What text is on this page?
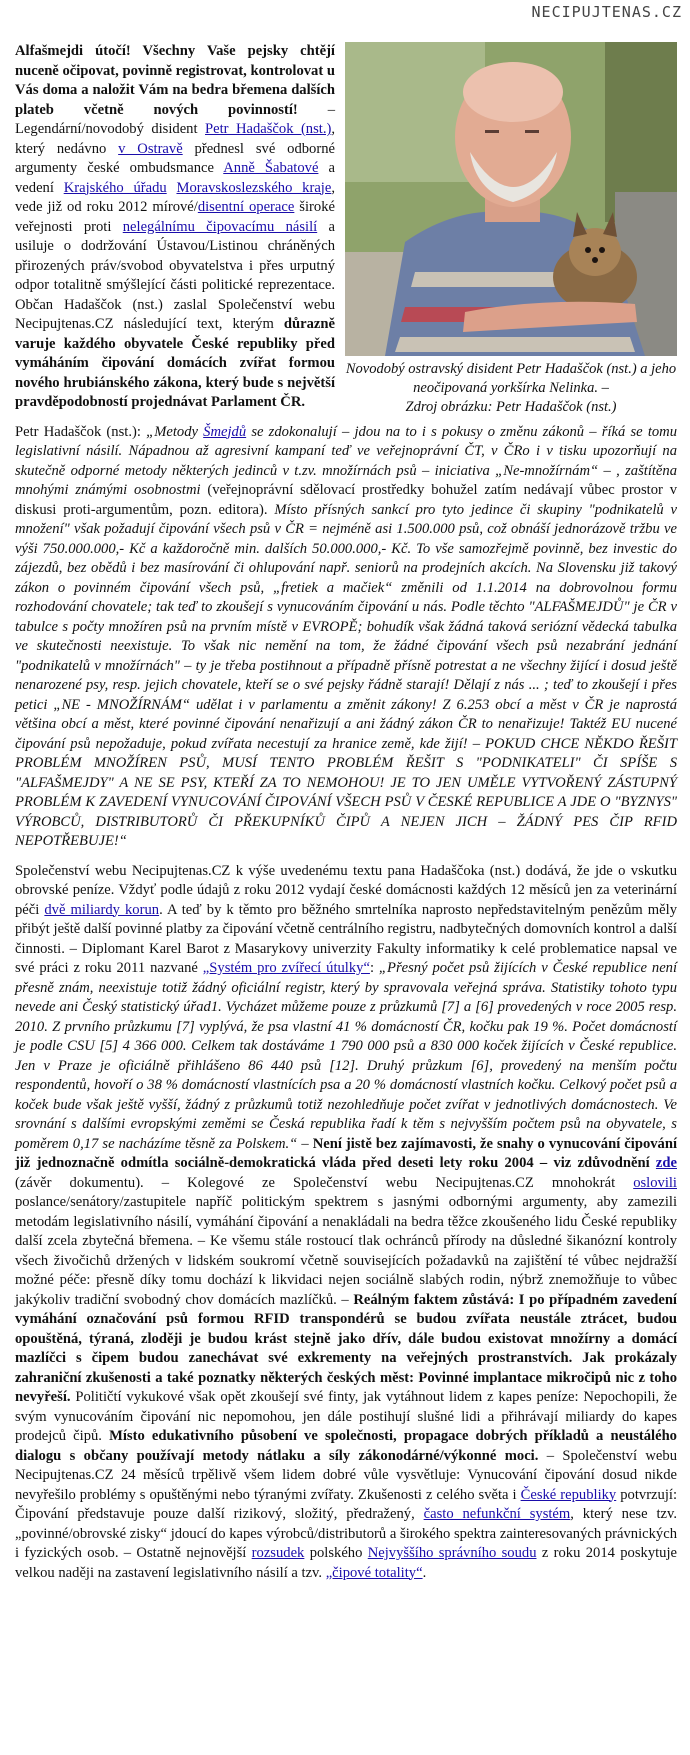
NECIPUJTENAS.CZ
Novodobý ostravský disident Petr Hadaščok (nst.) a jeho neočipovaná yorkšírka Nelinka. –
Zdroj obrázku: Petr Hadaščok (nst.)

Alfašmejdi útočí! Všechny Vaše pejsky chtějí nuceně očipovat, povinně registrovat, kontrolovat u Vás doma a naložit Vám na bedra břemena dalších plateb včetně nových povinností! – Legendární/novodobý disident Petr Hadaščok (nst.), který nedávno v Ostravě přednesl své odborné argumenty české ombudsmance Anně Šabatové a vedení Krajského úřadu Moravskoslezského kraje, vede již od roku 2012 mírové/disentní operace široké veřejnosti proti nelegálnímu čipovacímu násilí a usiluje o dodržování Ústavou/Listinou chráněných přirozených práv/svobod obyvatelstva i přes urputný odpor totalitně smýšlející části politické reprezentace. Občan Hadaščok (nst.) zaslal Společenství webu Necipujtenas.CZ následující text, kterým důrazně varuje každého obyvatele České republiky před vymáháním čipování domácích zvířat formou nového hrubiánského zákona, který bude s největší pravděpodobností projednávat Parlament ČR.

Petr Hadaščok (nst.): „Metody Šmejdů se zdokonalují – jdou na to i s pokusy o změnu zákonů – říká se tomu legislativní násilí. Nápadnou až agresivní kampaní teď ve veřejnoprávní ČT, v ČRo i v tisku upozorňují na skutečně odporné metody některých jedinců v t.zv. množírnách psů – iniciativa „Ne-množírnám“ – , zaštítěna mnohými známými osobnostmi (veřejnoprávní sdělovací prostředky bohužel zatím nedávají vůbec prostor v diskusi proti-argumentům, pozn. editora). Místo přísných sankcí pro tyto jedince či skupiny "podnikatelů v množení" však požadují čipování všech psů v ČR = nejméně asi 1.500.000 psů, což obnáší jednorázově tržbu ve výši 750.000.000,- Kč a každoročně min. dalších 50.000.000,- Kč. To vše samozřejmě povinně, bez investic do zájezdů, bez obědů i bez masírování či ohlupování např. seniorů na prodejních akcích. Na Slovensku již takový zákon o povinném čipování všech psů, „fretiek a mačiek“ změnili od 1.1.2014 na dobrovolnou formu rozhodování chovatele; tak teď to zkoušejí s vynucováním čipování u nás. Podle těchto "ALFAŠMEJDŮ" je ČR v tabulce s počty množíren psů na prvním místě v EVROPĚ; bohudík však žádná taková seriózní vědecká tabulka ve skutečnosti neexistuje. To však nic nemění na tom, že žádné čipování všech psů nezabrání jednání "podnikatelů v množírnách" – ty je třeba postihnout a případně přísně potrestat a ne všechny žijící i dosud ještě nenarozené psy, resp. jejich chovatele, kteří se o své pejsky řádně starají! Dělají z nás ... ; teď to zkoušejí i přes petici „NE - MNOŽÍRNÁM“ udělat i v parlamentu a změnit zákony! Z 6.253 obcí a měst v ČR je naprostá většina obcí a měst, které povinné čipování nenařizují a ani žádný zákon ČR to nenařizuje! Taktéž EU nucené čipování psů nepožaduje, pokud zvířata necestují za hranice země, kde žijí! – POKUD CHCE NĚKDO ŘEŠIT PROBLÉM MNOŽÍREN PSŮ, MUSÍ TENTO PROBLÉM ŘEŠIT S "PODNIKATELI" ČI SPÍŠE S "ALFAŠMEJDY" A NE SE PSY, KTEŘÍ ZA TO NEMOHOU! JE TO JEN UMĚLE VYTVOŘENÝ ZÁSTUPNÝ PROBLÉM K ZAVEDENÍ VYNUCOVÁNÍ ČIPOVÁNÍ VŠECH PSŮ V ČESKÉ REPUBLICE A JDE O "BYZNYS" VÝROBCŮ, DISTRIBUTORŮ ČI PŘEKUPNÍKŮ ČIPŮ A NEJEN JICH – ŽÁDNÝ PES ČIP RFID NEPOTŘEBUJE!“

Společenství webu Necipujtenas.CZ k výše uvedenému textu pana Hadaščoka (nst.) dodává, že jde o vskutku obrovské peníze. Vždyť podle údajů z roku 2012 vydají české domácnosti každých 12 měsíců jen za veterinární péči dvě miliardy korun. A teď by k těmto pro běžného smrtelníka naprosto nepředstavitelným penězům měly přibýt ještě další povinné platby za čipování včetně centrálního registru, nadbytečných domovních kontrol a další činnosti. – Diplomant Karel Barot z Masarykovy univerzity Fakulty informatiky k celé problematice napsal ve své práci z roku 2011 nazvané „Systém pro zvířecí útulky“: „Přesný počet psů žijících v České republice není přesně znám, neexistuje totiž žádný oficiální registr, který by spravovala veřejná správa. Statistiky tohoto typu nevede ani Český statistický úřad1. Vycházet můžeme pouze z průzkumů [7] a [6] provedených v roce 2005 resp. 2010. Z prvního průzkumu [7] vyplývá, že psa vlastní 41 % domácností ČR, kočku pak 19 %. Počet domácností je podle CSU [5] 4 366 000. Celkem tak dostáváme 1 790 000 psů a 830 000 koček žijících v České republice. Jen v Praze je oficiálně přihlášeno 86 440 psů [12]. Druhý průzkum [6], provedený na menším počtu respondentů, hovoří o 38 % domácností vlastnících psa a 20 % domácností vlastních kočku. Celkový počet psů a koček bude však ještě vyšší, žádný z průzkumů totiž nezohledňuje počet zvířat v jednotlivých domácnostech. Ve srovnání s dalšími evropskými zeměmi se Česká republika řadí k těm s nejvyšším počtem psů na obyvatele, s poměrem 0,17 se nacházíme těsně za Polskem.“ – Není jistě bez zajímavosti, že snahy o vynucování čipování již jednoznačně odmítla sociálně-demokratická vláda před deseti lety roku 2004 – viz zdůvodnění zde (závěr dokumentu). – Kolegové ze Společenství webu Necipujtenas.CZ mnohokrát oslovili poslance/senátory/zastupitele napříč politickým spektrem s jasnými odbornými argumenty, aby zamezili metodám legislativního násilí, vymáhání čipování a nenakládali na bedra těžce zkoušeného lidu České republiky další zcela zbytečná břemena. – Ke všemu stále rostoucí tlak ochránců přírody na důsledné šikanózní kontroly všech živočichů držených v lidském soukromí včetně souvisejících požadavků na zajištění té vůbec nejdražší možné péče: přesně díky tomu dochází k likvidaci nejen sociálně slabých rodin, nýbrž znemožňuje to vůbec jakýkoliv tradiční svobodný chov domácích mazlíčků. – Reálným faktem zůstává: I po případném zavedení vymáhání označování psů formou RFID transpondérů se budou zvířata neustále ztrácet, budou opouštěná, týraná, zloději je budou krást stejně jako dřív, dále budou existovat množírny a domácí mazlíčci s čipem budou zanechávat své exkrementy na veřejných prostranstvích. Jak prokázaly zahraniční zkušenosti a také poznatky některých českých měst: Povinné implantace mikročipů nic z toho nevyřeší. Političtí vykukové však opět zkoušejí své finty, jak vytáhnout lidem z kapes peníze: Nepochopili, že svým vynucováním čipování nic nepomohou, jen dále postihují slušné lidi a přihrávají miliardy do kapes prodejců čipů. Místo edukativního působení ve společnosti, propagace dobrých příkladů a neustálého dialogu s občany používají metody nátlaku a síly zákonodárné/výkonné moci. – Společenství webu Necipujtenas.CZ 24 měsíců trpělivě všem lidem dobré vůle vysvětluje: Vynucování čipování dosud nikde nevyřešilo problémy s opuštěnými nebo týranými zvířaty. Zkušenosti z celého světa i České republiky potvrzují: Čipování představuje pouze další rizikový, složitý, předražený, často nefunkční systém, který nese tzv. „povinné/obrovské zisky“ jdoucí do kapes výrobců/distributorů a širokého spektra zainteresovaných právnických i fyzických osob. – Ostatně nejnovější rozsudek polského Nejvyššího správního soudu z roku 2014 poskytuje velkou naději na zastavení legislativního násilí a tzv. „čipové totality“.
